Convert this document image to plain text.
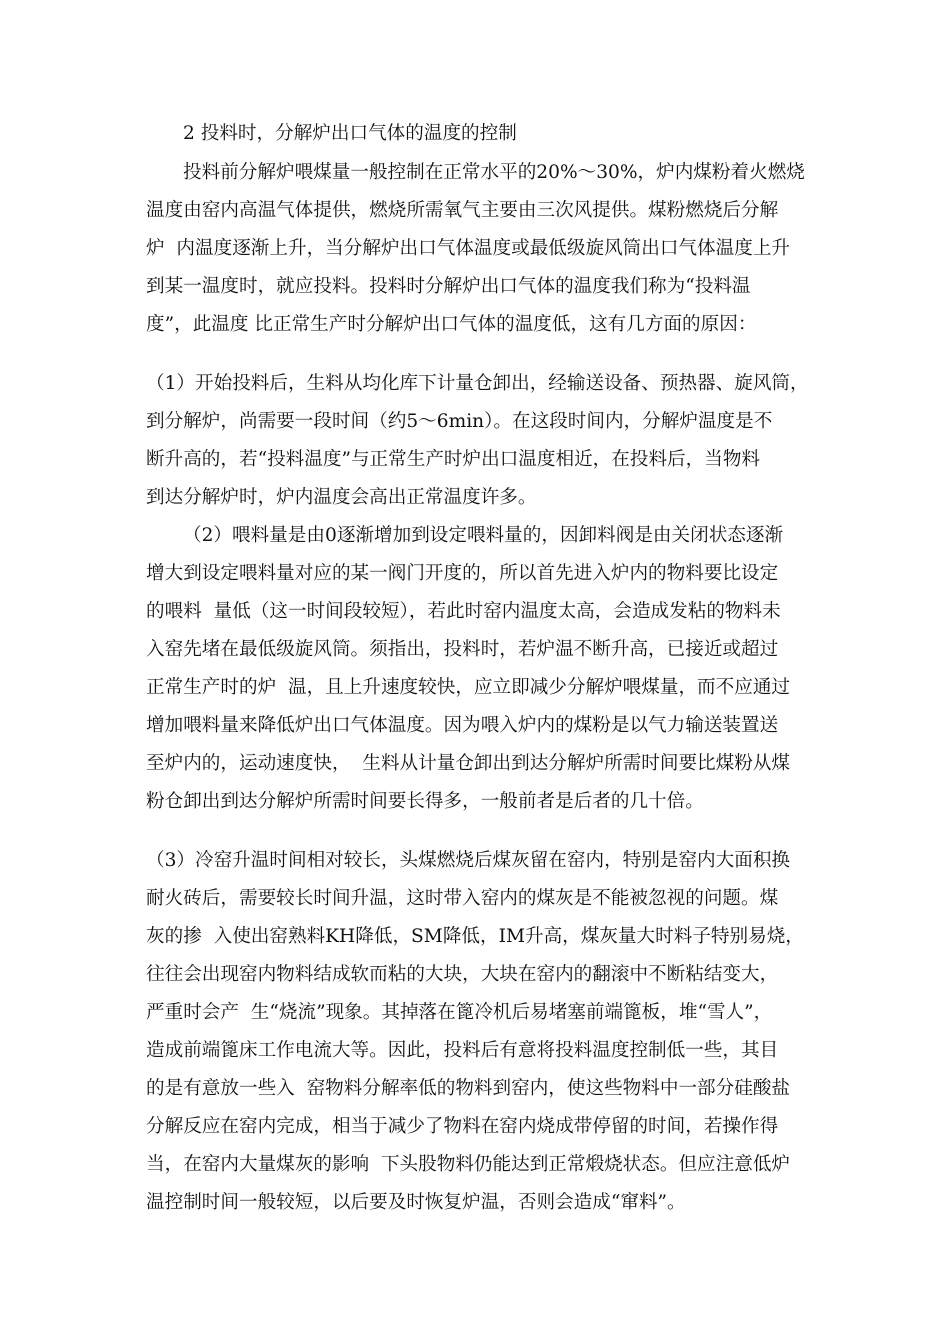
2 投料时，分解炉出口气体的温度的控制
投料前分解炉喂煤量一般控制在正常水平的20%～30%，炉内煤粉着火燃烧
温度由窑内高温气体提供，燃烧所需氧气主要由三次风提供。煤粉燃烧后分解
炉  内温度逐渐上升，当分解炉出口气体温度或最低级旋风筒出口气体温度上升
到某一温度时，就应投料。投料时分解炉出口气体的温度我们称为“投料温
度”，此温度 比正常生产时分解炉出口气体的温度低，这有几方面的原因：
（1）开始投料后，生料从均化库下计量仓卸出，经输送设备、预热器、旋风筒，
到分解炉，尚需要一段时间（约5～6min）。在这段时间内，分解炉温度是不
断升高的，若“投料温度”与正常生产时炉出口温度相近，在投料后，当物料
到达分解炉时，炉内温度会高出正常温度许多。
（2）喂料量是由0逐渐增加到设定喂料量的，因卸料阀是由关闭状态逐渐
增大到设定喂料量对应的某一阀门开度的，所以首先进入炉内的物料要比设定
的喂料  量低（这一时间段较短），若此时窑内温度太高，会造成发粘的物料未
入窑先堵在最低级旋风筒。须指出，投料时，若炉温不断升高，已接近或超过
正常生产时的炉  温，且上升速度较快，应立即减少分解炉喂煤量，而不应通过
增加喂料量来降低炉出口气体温度。因为喂入炉内的煤粉是以气力输送装置送
至炉内的，运动速度快，  生料从计量仓卸出到达分解炉所需时间要比煤粉从煤
粉仓卸出到达分解炉所需时间要长得多，一般前者是后者的几十倍。
（3）冷窑升温时间相对较长，头煤燃烧后煤灰留在窑内，特别是窑内大面积换
耐火砖后，需要较长时间升温，这时带入窑内的煤灰是不能被忽视的问题。煤
灰的掺  入使出窑熟料KH降低，SM降低，IM升高，煤灰量大时料子特别易烧，
往往会出现窑内物料结成软而粘的大块，大块在窑内的翻滚中不断粘结变大，
严重时会产  生“烧流”现象。其掉落在篦冷机后易堵塞前端篦板，堆“雪人”，
造成前端篦床工作电流大等。因此，投料后有意将投料温度控制低一些，其目
的是有意放一些入  窑物料分解率低的物料到窑内，使这些物料中一部分硅酸盐
分解反应在窑内完成，相当于减少了物料在窑内烧成带停留的时间，若操作得
当，在窑内大量煤灰的影响  下头股物料仍能达到正常煅烧状态。但应注意低炉
温控制时间一般较短，以后要及时恢复炉温，否则会造成“窜料”。
